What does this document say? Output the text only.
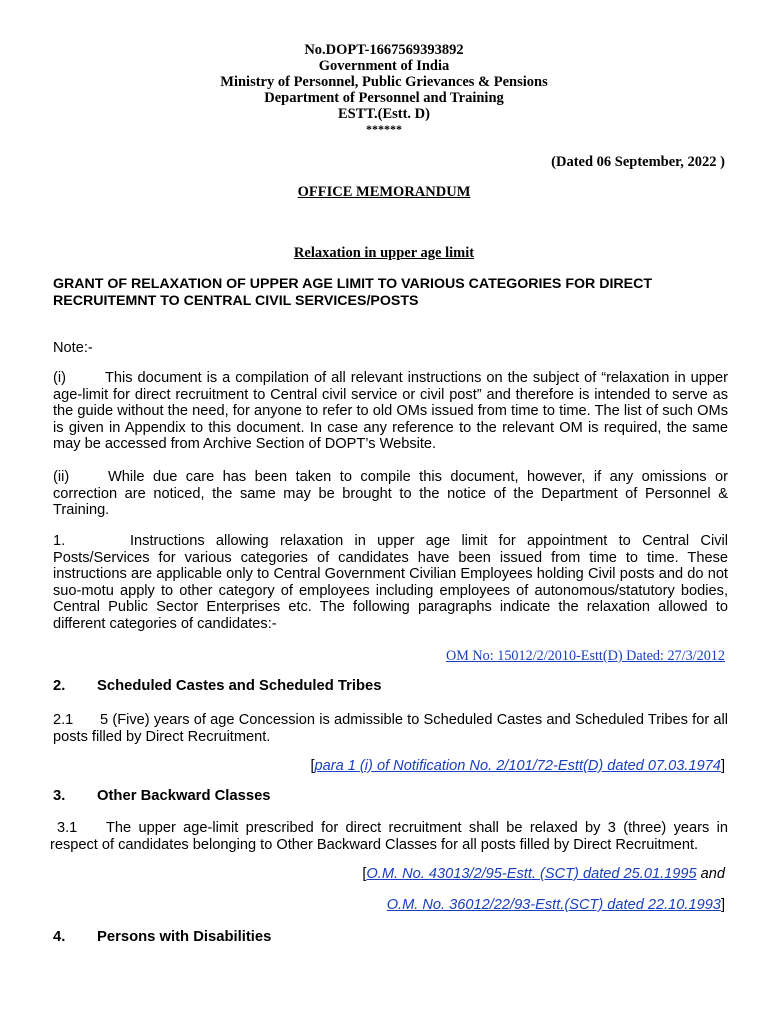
No.DOPT-1667569393892
Government of India
Ministry of Personnel, Public Grievances & Pensions
Department of Personnel and Training
ESTT.(Estt. D)
******
(Dated 06 September, 2022 )
OFFICE MEMORANDUM
Relaxation in upper age limit
GRANT OF RELAXATION OF UPPER AGE LIMIT TO VARIOUS CATEGORIES FOR DIRECT RECRUITEMNT TO CENTRAL CIVIL SERVICES/POSTS
Note:-
(i)	This document is a compilation of all relevant instructions on the subject of “relaxation in upper age-limit for direct recruitment to Central civil service or civil post” and therefore is intended to serve as the guide without the need, for anyone to refer to old OMs issued from time to time. The list of such OMs is given in Appendix to this document. In case any reference to the relevant OM is required, the same may be accessed from Archive Section of DOPT’s Website.
(ii)	While due care has been taken to compile this document, however, if any omissions or correction are noticed, the same may be brought to the notice of the Department of Personnel & Training.
1.	Instructions allowing relaxation in upper age limit for appointment to Central Civil Posts/Services for various categories of candidates have been issued from time to time. These instructions are applicable only to Central Government Civilian Employees holding Civil posts and do not suo-motu apply to other category of employees including employees of autonomous/statutory bodies, Central Public Sector Enterprises etc. The following paragraphs indicate the relaxation allowed to different categories of candidates:-
OM No: 15012/2/2010-Estt(D) Dated: 27/3/2012
2. Scheduled Castes and Scheduled Tribes
2.1 5 (Five) years of age Concession is admissible to Scheduled Castes and Scheduled Tribes for all posts filled by Direct Recruitment.
[para 1 (i) of Notification No. 2/101/72-Estt(D) dated 07.03.1974]
3. Other Backward Classes
3.1 The upper age-limit prescribed for direct recruitment shall be relaxed by 3 (three) years in respect of candidates belonging to Other Backward Classes for all posts filled by Direct Recruitment.
[O.M. No. 43013/2/95-Estt. (SCT) dated 25.01.1995 and
O.M. No. 36012/22/93-Estt.(SCT) dated 22.10.1993]
4. Persons with Disabilities
